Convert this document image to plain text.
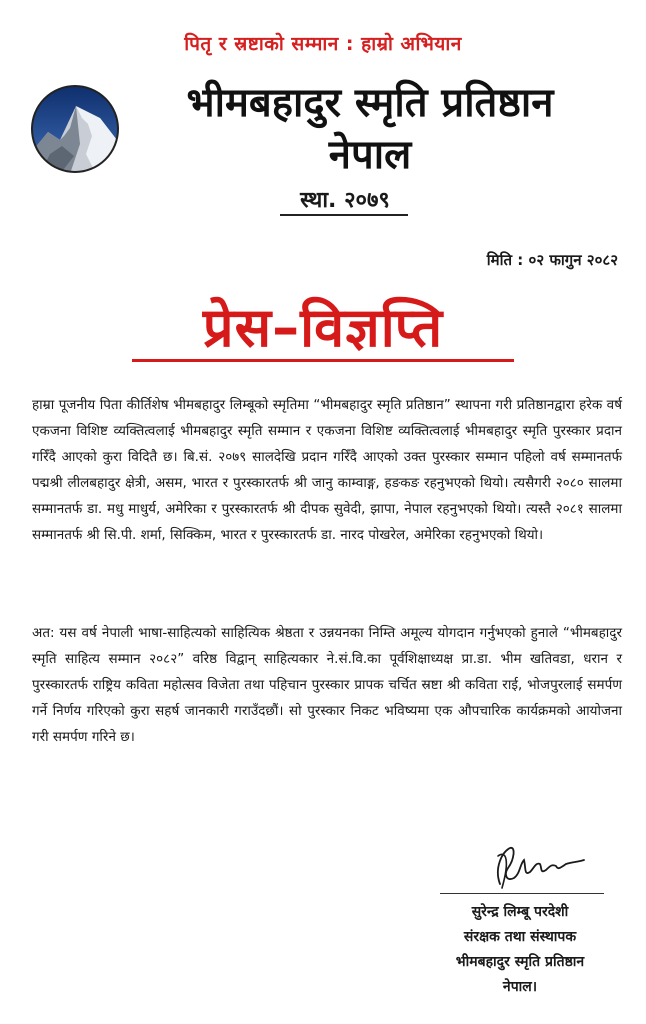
पितृ र स्रष्टाको सम्मान : हाम्रो अभियान
भीमबहादुर स्मृति प्रतिष्ठान
नेपाल
स्था. २०७९
मिति : ०२ फागुन २०८२
प्रेस–विज्ञप्ति

हाम्रा पूजनीय पिता कीर्तिशेष भीमबहादुर लिम्बूको स्मृतिमा “भीमबहादुर स्मृति प्रतिष्ठान” स्थापना गरी प्रतिष्ठानद्वारा हरेक वर्ष एकजना विशिष्ट व्यक्तित्वलाई भीमबहादुर स्मृति सम्मान र एकजना विशिष्ट व्यक्तित्वलाई भीमबहादुर स्मृति पुरस्कार प्रदान गरिँदै आएको कुरा विदितै छ। बि.सं. २०७९ सालदेखि प्रदान गरिँदै आएको उक्त पुरस्कार सम्मान पहिलो वर्ष सम्मानतर्फ पद्मश्री लीलबहादुर क्षेत्री, असम, भारत र पुरस्कारतर्फ श्री जानु काम्वाङ्ग, हङकङ रहनुभएको थियो। त्यसैगरी २०८० सालमा सम्मानतर्फ डा. मधु माधुर्य, अमेरिका र पुरस्कारतर्फ श्री दीपक सुवेदी, झापा, नेपाल रहनुभएको थियो। त्यस्तै २०८१ सालमा सम्मानतर्फ श्री सि.पी. शर्मा, सिक्किम, भारत र पुरस्कारतर्फ डा. नारद पोखरेल, अमेरिका रहनुभएको थियो।

अत: यस वर्ष नेपाली भाषा-साहित्यको साहित्यिक श्रेष्ठता र उन्नयनका निम्ति अमूल्य योगदान गर्नुभएको हुनाले “भीमबहादुर स्मृति साहित्य सम्मान २०८२” वरिष्ठ विद्वान् साहित्यकार ने.सं.वि.का पूर्वशिक्षाध्यक्ष प्रा.डा. भीम खतिवडा, धरान र पुरस्कारतर्फ राष्ट्रिय कविता महोत्सव विजेता तथा पहिचान पुरस्कार प्रापक चर्चित स्रष्टा श्री कविता राई, भोजपुरलाई समर्पण गर्ने निर्णय गरिएको कुरा सहर्ष जानकारी गराउँदछौं। सो पुरस्कार निकट भविष्यमा एक औपचारिक कार्यक्रमको आयोजना गरी समर्पण गरिने छ।

सुरेन्द्र लिम्बू परदेशी
संरक्षक तथा संस्थापक
भीमबहादुर स्मृति प्रतिष्ठान
नेपाल।
